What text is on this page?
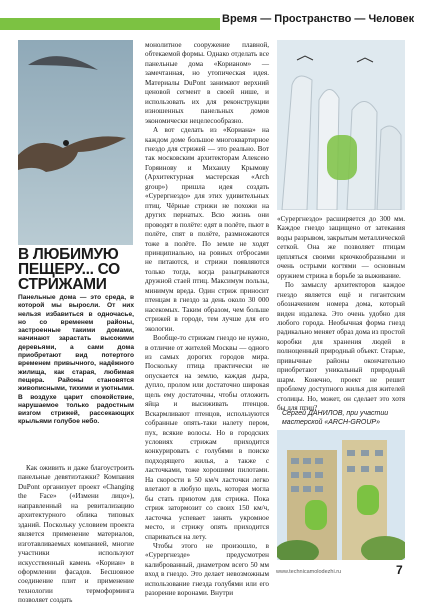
Время — Пространство — Человек
В ЛЮБИМУЮ ПЕЩЕРУ... СО СТРИЖАМИ
Панельные дома — это среда, в которой мы выросли. От них нельзя избавиться в одночасье, но со временем районы, застроенные такими домами, начинают зарастать высокими деревьями, а сами дома приобретают вид потертого временем привычного, надёжного жилища, как старая, любимая пещера. Районы становятся живописными, тихими и уютными. В воздухе царит спокойствие, нарушаемое только радостным визгом стрижей, рассекающих крыльями голубое небо.

Как оживить и даже благоустроить панельные девятиэтажки? Компания DuPont организует проект «Changing the Face» («Измени лицо»), направленный на ревитализацию архитектурного облика типовых зданий. Поскольку условием проекта является применение материалов, изготавливаемых компанией, многие участники используют искусственный камень «Кориан» в оформлении фасадов. Бесшовное соединение плит и применение технологии термоформинга позволяет создать

монолитное сооружение плавной, обтекаемой формы. Однако отделать все панельные дома «Корианом» — замечтанная, но утопическая идея. Материалы DuPont занимают верхний ценовой сегмент в своей нише, и использовать их для реконструкции изношенных панельных домов экономически нецелесообразно.

А вот сделать из «Кориана» на каждом доме большое многоквартирное гнездо для стрижей — это реально. Вот так московским архитекторам Алексею Горяинову и Михаилу Крымову (Архитектурная мастерская «Arch group») пришла идея создать «Суpергнездо» для этих удивительных птиц. Чёрные стрижи не похожи на других пернатых. Всю жизнь они проводят в полёте: едят в полёте, пьют в полёте, спят в полёте, размножаются тоже в полёте. По земле не ходят принципиально, на ровных отбросами не питаются, и стрижи появляются только тогда, когда разыгрываются дружной стаей птиц. Максимум пользы, минимум вреда. Один стриж приносит птенцам в гнездо за день около 30 000 насекомых. Таким образом, чем больше стрижей в городе, тем лучше для его экологии.

Вообще-то стрижам гнездо не нужно, в отличие от жителей Москвы — одного из самых дорогих городов мира. Поскольку птица практически не опускается на землю, каждая дыра, дупло, пролом или достаточно широкая щель ему достаточны, чтобы отложить яйца и высиживать птенцов. Вскармливают птенцов, используются собранные опять-таки налету пером, пух, всякие волосы. Но в городских условиях стрижам приходится конкурировать с голубями в поиске подходящего жилья, а также с ласточками, тоже хорошими пилотами. На скорости в 50 км/ч ласточки легко влетают в любую щель, которая могла бы стать приютом для стрижа. Пока стриж затормозит со своих 150 км/ч, ласточка успевает занять укромное место, и стрижу опять приходится спариваться на лету.

Чтобы этого не произошло, в «Суpергнезде» предусмотрен калиброванный, диаметром всего 50 мм вход в гнездо. Это делает невозможным использование гнезда голубями или его разорение воронами. Внутри

«Суpергнездо» расширяется до 300 мм. Каждое гнездо защищено от затекания воды разрывом, закрытым металлической сеткой. Она же позволяет птицам цепляться своими крючкообразными и очень острыми когтями — основным оружием стрижа в борьбе за выживание.

По замыслу архитекторов каждое гнездо является ещё и гигантским обозначением номера дома, который виден издалека. Это очень удобно для любого города. Необычная форма гнезд радикально меняет образ дома из простой коробки для хранения людей в полноценный природный объект. Старые, привычные районы окончательно приобретают уникальный природный шарм. Конечно, проект не решит проблему доступного жилья для жителей столицы. Но, может, он сделает это хотя бы для птиц?

Сергей ДАНИЛОВ, при участии мастерской «ARCH-GROUP»
www.technicamolodezhi.ru	7
